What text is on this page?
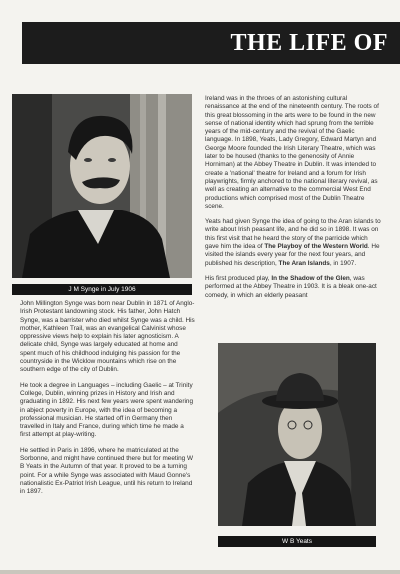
THE LIFE OF
J M Synge in July 1906
W B Yeats

John Millington Synge was born near Dublin in 1871 of Anglo-Irish Protestant landowning stock. His father, John Hatch Synge, was a barrister who died whilst Synge was a child. His mother, Kathleen Trail, was an evangelical Calvinist whose oppressive views help to explain his later agnosticism. A delicate child, Synge was largely educated at home and spent much of his childhood indulging his passion for the countryside in the Wicklow mountains which rise on the southern edge of the city of Dublin.

He took a degree in Languages – including Gaelic – at Trinity College, Dublin, winning prizes in History and Irish and graduating in 1892. His next few years were spent wandering in abject poverty in Europe, with the idea of becoming a professional musician. He started off in Germany then travelled in Italy and France, during which time he made a first attempt at play-writing.

He settled in Paris in 1896, where he matriculated at the Sorbonne, and might have continued there but for meeting W B Yeats in the Autumn of that year. It proved to be a turning point. For a while Synge was associated with Maud Gonne's nationalistic Ex-Patriot Irish League, until his return to Ireland in 1897.

Ireland was in the throes of an astonishing cultural renaissance at the end of the nineteenth century. The roots of this great blossoming in the arts were to be found in the new sense of national identity which had sprung from the terrible years of the mid-century and the revival of the Gaelic language. In 1898, Yeats, Lady Gregory, Edward Martyn and George Moore founded the Irish Literary Theatre, which was later to be housed (thanks to the genenosity of Annie Horniman) at the Abbey Theatre in Dublin. It was intended to create a 'national' theatre for Ireland and a forum for Irish playwrights, firmly anchored to the national literary revival, as well as creating an alternative to the commercial West End productions which comprised most of the Dublin Theatre scene.

Yeats had given Synge the idea of going to the Aran islands to write about Irish peasant life, and he did so in 1898. It was on this first visit that he heard the story of the parricide which gave him the idea of The Playboy of the Western World. He visited the islands every year for the next four years, and published his description, The Aran Islands, in 1907.

His first produced play, In the Shadow of the Glen, was performed at the Abbey Theatre in 1903. It is a bleak one-act comedy, in which an elderly peasant
